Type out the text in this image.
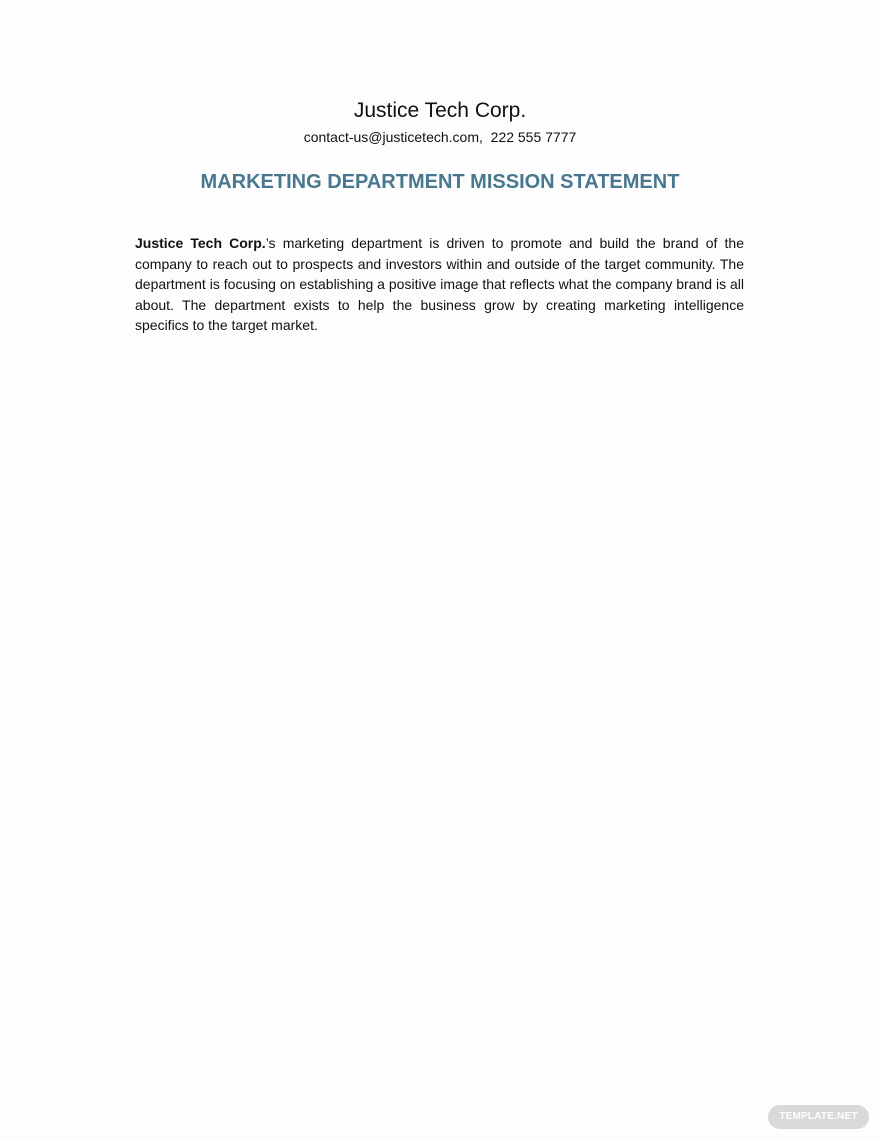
Justice Tech Corp.
contact-us@justicetech.com,  222 555 7777
MARKETING DEPARTMENT MISSION STATEMENT

Justice Tech Corp.’s marketing department is driven to promote and build the brand of the company to reach out to prospects and investors within and outside of the target community. The department is focusing on establishing a positive image that reflects what the company brand is all about. The department exists to help the business grow by creating marketing intelligence specifics to the target market.

TEMPLATE.NET
